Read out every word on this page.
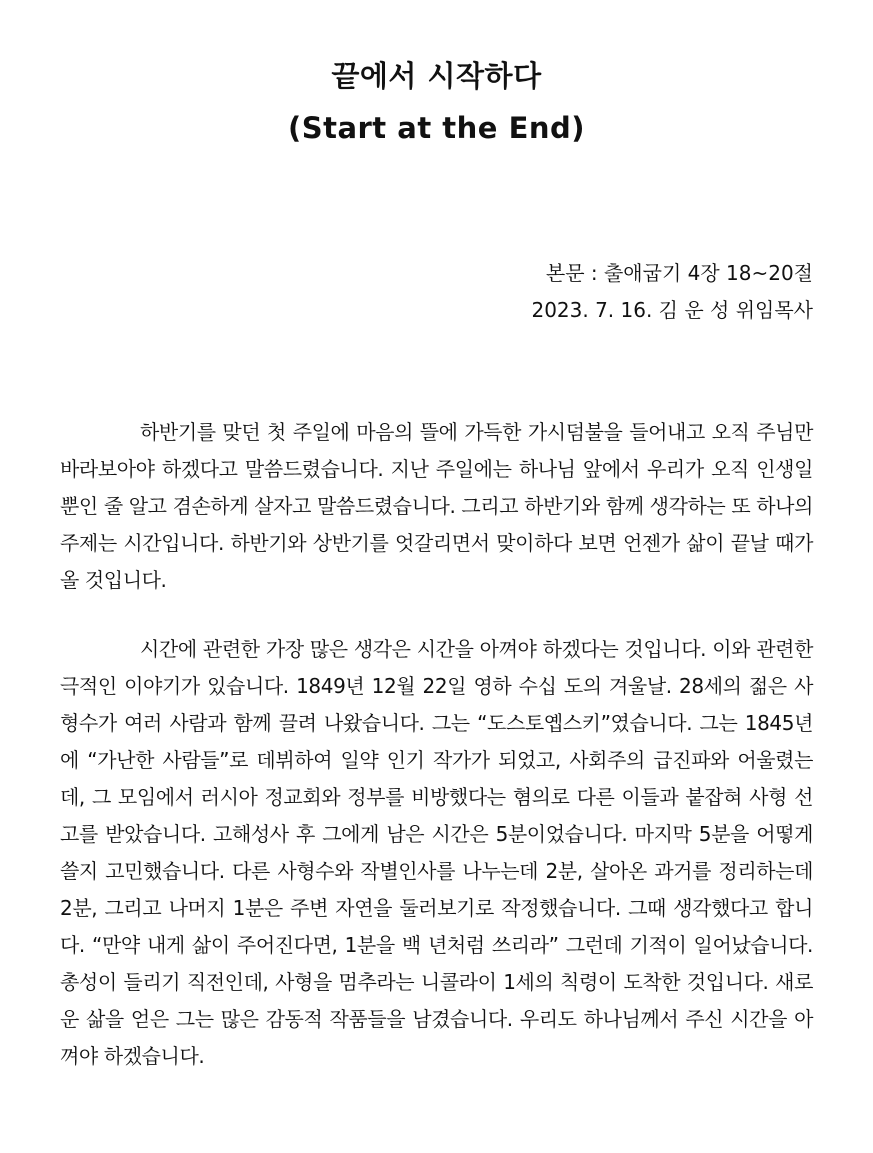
끝에서 시작하다
(Start at the End)
본문 : 출애굽기 4장 18~20절
2023. 7. 16. 김 운 성 위임목사

하반기를 맞던 첫 주일에 마음의 뜰에 가득한 가시덤불을 들어내고 오직 주님만 바라보아야 하겠다고 말씀드렸습니다. 지난 주일에는 하나님 앞에서 우리가 오직 인생일 뿐인 줄 알고 겸손하게 살자고 말씀드렸습니다. 그리고 하반기와 함께 생각하는 또 하나의 주제는 시간입니다. 하반기와 상반기를 엇갈리면서 맞이하다 보면 언젠가 삶이 끝날 때가 올 것입니다.

시간에 관련한 가장 많은 생각은 시간을 아껴야 하겠다는 것입니다. 이와 관련한 극적인 이야기가 있습니다. 1849년 12월 22일 영하 수십 도의 겨울날. 28세의 젊은 사형수가 여러 사람과 함께 끌려 나왔습니다. 그는 “도스토옙스키”였습니다. 그는 1845년에 “가난한 사람들”로 데뷔하여 일약 인기 작가가 되었고, 사회주의 급진파와 어울렸는데, 그 모임에서 러시아 정교회와 정부를 비방했다는 혐의로 다른 이들과 붙잡혀 사형 선고를 받았습니다. 고해성사 후 그에게 남은 시간은 5분이었습니다. 마지막 5분을 어떻게 쓸지 고민했습니다. 다른 사형수와 작별인사를 나누는데 2분, 살아온 과거를 정리하는데 2분, 그리고 나머지 1분은 주변 자연을 둘러보기로 작정했습니다. 그때 생각했다고 합니다. “만약 내게 삶이 주어진다면, 1분을 백 년처럼 쓰리라” 그런데 기적이 일어났습니다. 총성이 들리기 직전인데, 사형을 멈추라는 니콜라이 1세의 칙령이 도착한 것입니다. 새로운 삶을 얻은 그는 많은 감동적 작품들을 남겼습니다. 우리도 하나님께서 주신 시간을 아껴야 하겠습니다.
